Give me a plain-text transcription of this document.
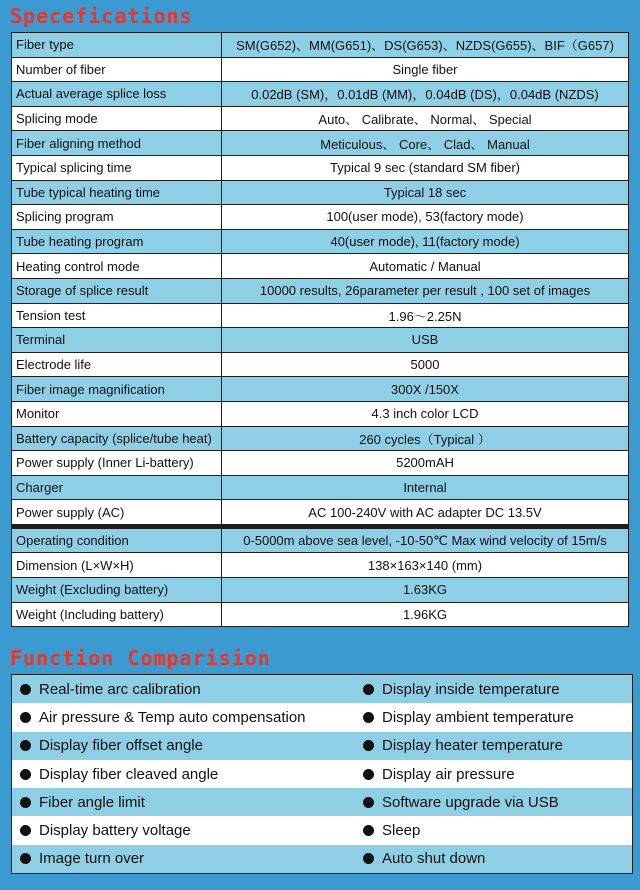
Specefications
Fiber type	SM(G652)、MM(G651)、DS(G653)、NZDS(G655)、BIF（G657)
Number of fiber	Single fiber
Actual average splice loss	0.02dB (SM)，0.01dB (MM)，0.04dB (DS)，0.04dB (NZDS)
Splicing mode	Auto、 Calibrate、 Normal、 Special
Fiber aligning method	Meticulous、 Core、 Clad、 Manual
Typical splicing time	Typical 9 sec (standard SM fiber)
Tube typical heating time	Typical 18 sec
Splicing program	100(user mode), 53(factory mode)
Tube heating program	40(user mode), 11(factory mode)
Heating control mode	Automatic / Manual
Storage of splice result	10000 results, 26parameter per result , 100 set of images
Tension test	1.96～2.25N
Terminal	USB
Electrode life	5000
Fiber image magnification	300X /150X
Monitor	4.3 inch color LCD
Battery capacity (splice/tube heat)	260 cycles（Typical ）
Power supply (Inner Li-battery)	5200mAH
Charger	Internal
Power supply (AC)	AC 100-240V with AC adapter DC 13.5V

Operating condition	0-5000m above sea level, -10-50℃ Max wind velocity of 15m/s
Dimension (L×W×H)	138×163×140 (mm)
Weight (Excluding battery)	1.63KG
Weight (Including battery)	1.96KG
Function Comparision
Real-time arc calibration	Display inside temperature
Air pressure & Temp auto compensation	Display ambient temperature
Display fiber offset angle	Display heater temperature
Display fiber cleaved angle	Display air pressure
Fiber angle limit	Software upgrade via USB
Display battery voltage	Sleep
Image turn over	Auto shut down
